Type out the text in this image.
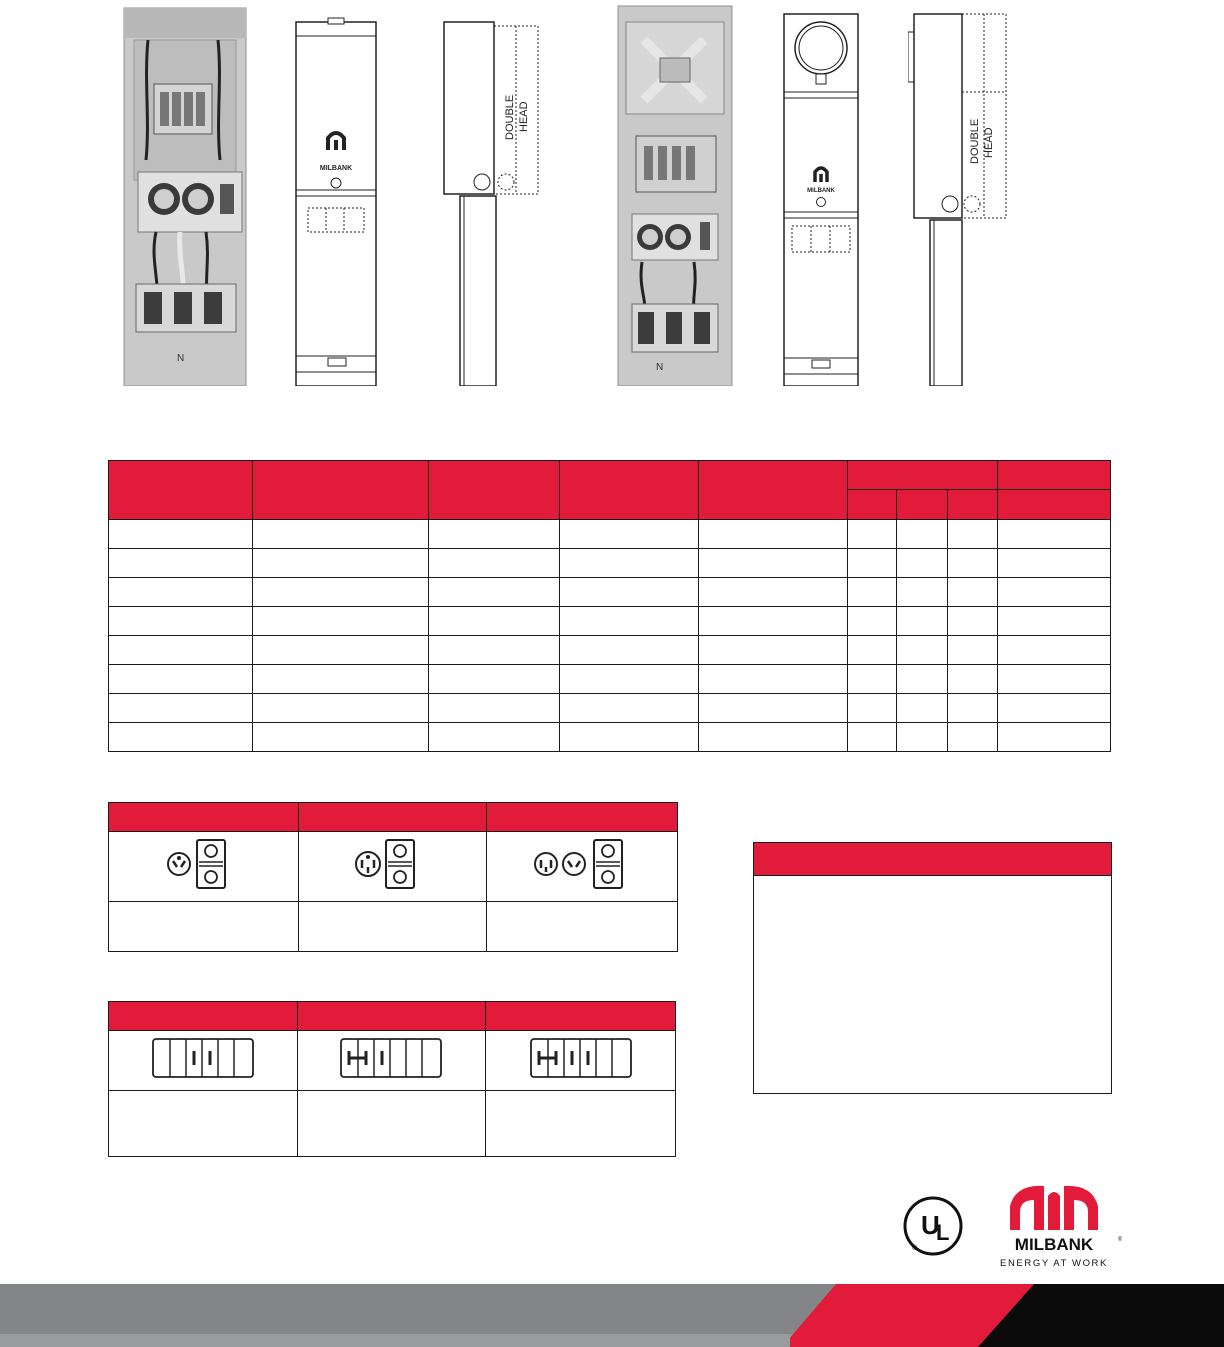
N
MILBANK
DOUBLE HEAD
N
MILBANK
DOUBLE HEAD

U
L
®	MILBANK	®
ENERGY AT WORK
